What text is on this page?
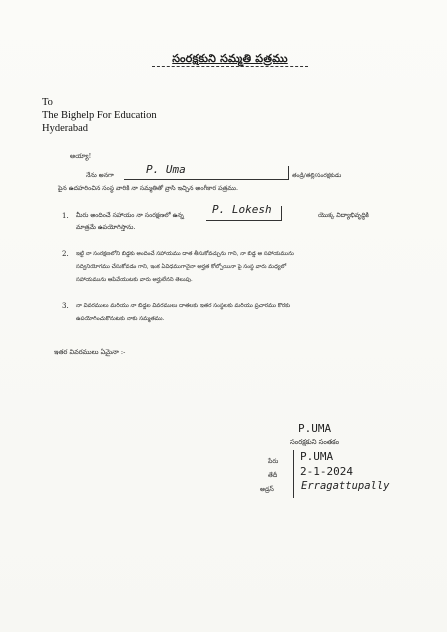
సంరక్షకుని సమ్మతి పత్రము
To
The Bighelp For Education
Hyderabad
అయ్యా!
నేను అనగా	P. Uma	తండ్రి/తల్లి/సంరక్షకుడు
పైన ఉదహరించిన సంస్థ వారికి నా సమ్మతితో వ్రాసి ఇచ్చిన అంగీకార పత్రము.
1. మీరు అందించే సహాయం నా సంరక్షణలో ఉన్న	P. Lokesh	యొక్క విద్యాభివృద్ధికి
మాత్రమే ఉపయోగిస్తాను.
2. ఇట్టి నా సంరక్షణలోని బిడ్డకు అందించే సహాయము దాత తీసుకోవచ్చును గాని, నా బిడ్డ ఆ సహాయమును
సద్వినియోగము చేసుకోవడం గాని, ఇంక ఏవిధముగానైనా అర్హత కోల్పోయినా పై సంస్థ వారు మధ్యలో
సహాయమును ఆపివేయుటకు వారు అర్హులేనని తెలుపు.
3. నా వివరములు మరియు నా బిడ్డల వివరములు దాతలకు ఇతర సంస్థలకు మరియు ప్రచారము కొరకు
ఉపయోగించుకొనుటకు నాకు సమ్మతము.
ఇతర వివరములు ఏమైనా :-
P.UMA
సంరక్షకుని సంతకం
పేరు P.UMA
తేదీ 2-1-2024
అడ్రస్	Erragattupally
